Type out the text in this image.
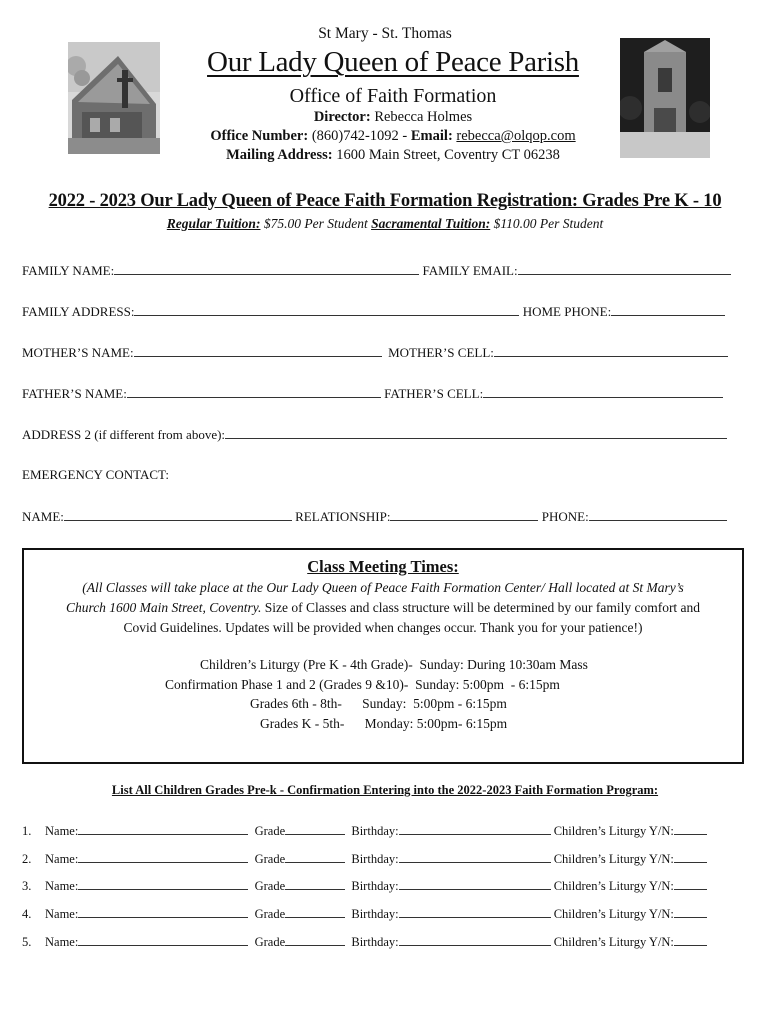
St Mary - St. Thomas
Our Lady Queen of Peace Parish
Office of Faith Formation
Director: Rebecca Holmes
Office Number: (860)742-1092 - Email: rebecca@olqop.com
Mailing Address: 1600 Main Street, Coventry CT 06238
2022 - 2023 Our Lady Queen of Peace Faith Formation Registration: Grades Pre K - 10
Regular Tuition: $75.00 Per Student Sacramental Tuition: $110.00 Per Student
FAMILY NAME:	FAMILY EMAIL:
FAMILY ADDRESS:	HOME PHONE:
MOTHER’S NAME:	MOTHER’S CELL:
FATHER’S NAME:	FATHER’S CELL:
ADDRESS 2 (if different from above):
EMERGENCY CONTACT:
NAME:	RELATIONSHIP:	PHONE:
Class Meeting Times:
(All Classes will take place at the Our Lady Queen of Peace Faith Formation Center/ Hall located at St Mary’s
Church 1600 Main Street, Coventry. Size of Classes and class structure will be determined by our family comfort and
Covid Guidelines. Updates will be provided when changes occur. Thank you for your patience!)
Children’s Liturgy (Pre K - 4th Grade)-  Sunday: During 10:30am Mass
Confirmation Phase 1 and 2 (Grades 9 &10)-  Sunday: 5:00pm  - 6:15pm
Grades 6th - 8th-      Sunday:  5:00pm - 6:15pm
Grades K - 5th-      Monday: 5:00pm- 6:15pm
List All Children Grades Pre-k - Confirmation Entering into the 2022-2023 Faith Formation Program:
1. Name:	Grade	Birthday:	Children’s Liturgy Y/N:
2. Name:	Grade	Birthday:	Children’s Liturgy Y/N:
3. Name:	Grade	Birthday:	Children’s Liturgy Y/N:
4. Name:	Grade	Birthday:	Children’s Liturgy Y/N:
5. Name:	Grade	Birthday:	Children’s Liturgy Y/N:
